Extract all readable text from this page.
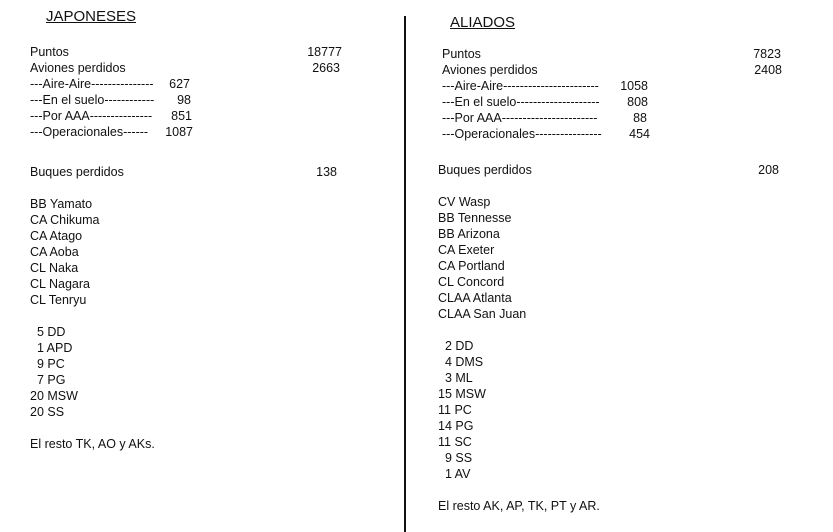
JAPONESES
Puntos	18777
Aviones perdidos	2663
---Aire-Aire---------------	627
---En el suelo------------	98
---Por AAA---------------	851
---Operacionales------	1087
Buques perdidos	138
BB Yamato
CA Chikuma
CA Atago
CA Aoba
CL Naka
CL Nagara
CL Tenryu
5 DD
1 APD
9 PC
7 PG
20 MSW
20 SS
El resto TK, AO y AKs.
ALIADOS
Puntos	7823
Aviones perdidos	2408
---Aire-Aire-----------------------	1058
---En el suelo--------------------	808
---Por AAA-----------------------	88
---Operacionales----------------	454
Buques perdidos	208
CV Wasp
BB Tennesse
BB Arizona
CA Exeter
CA Portland
CL Concord
CLAA Atlanta
CLAA San Juan
2 DD
4 DMS
3 ML
15 MSW
11 PC
14 PG
11 SC
9 SS
1 AV
El resto AK, AP, TK, PT y AR.
